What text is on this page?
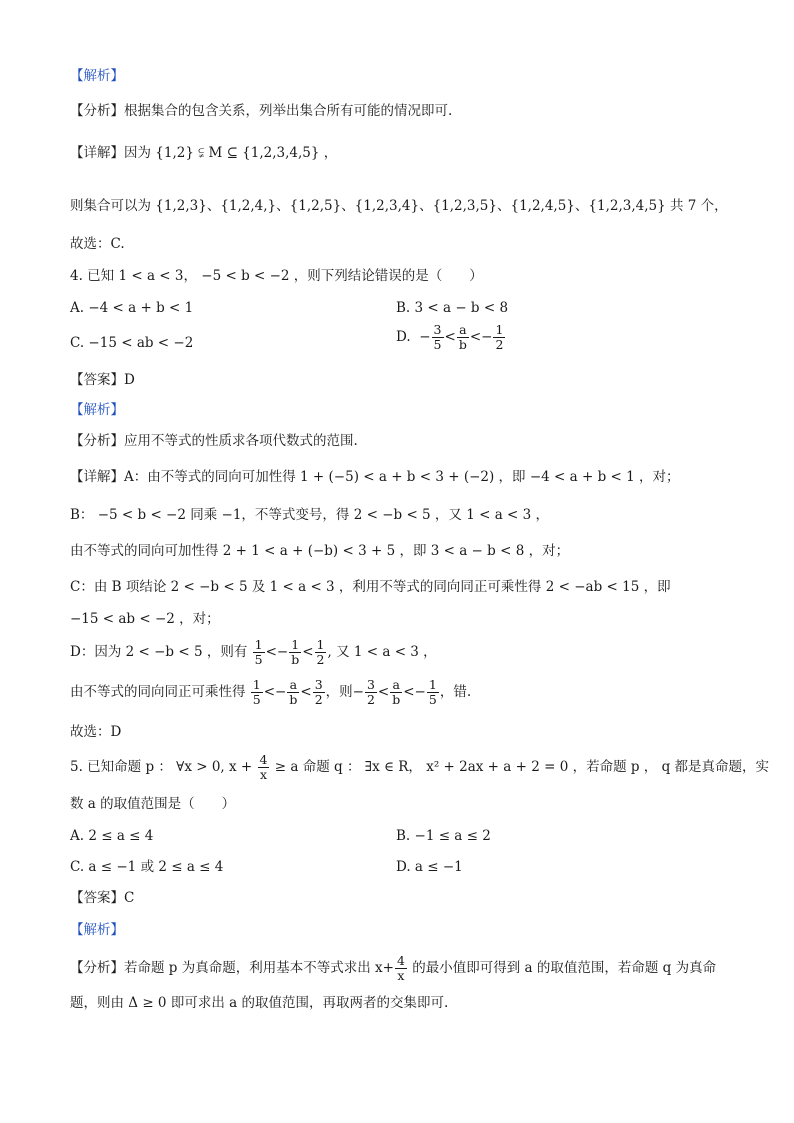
【解析】
【分析】根据集合的包含关系，列举出集合所有可能的情况即可.
【详解】因为 {1,2} ⫋ M ⊆ {1,2,3,4,5} ，
则集合可以为 {1,2,3}、{1,2,4,}、{1,2,5}、{1,2,3,4}、{1,2,3,5}、{1,2,4,5}、{1,2,3,4,5} 共 7 个，
故选：C.
4. 已知 1 < a < 3， −5 < b < −2 ，则下列结论错误的是（　　）
A. −4 < a + b < 1	B. 3 < a − b < 8
C. −15 < ab < −2	D.  − $\frac{3}{5} < \frac{a}{b} <- \frac{1}{2}$
【答案】D
【解析】
【分析】应用不等式的性质求各项代数式的范围.
【详解】A：由不等式的同向可加性得 1 + (−5) < a + b < 3 + (−2) ，即 −4 < a + b < 1 ，对；
B： −5 < b < −2 同乘 −1，不等式变号，得 2 < −b < 5 ，又 1 < a < 3 ，
由不等式的同向可加性得 2 + 1 < a + (−b) < 3 + 5 ，即 3 < a − b < 8 ，对；
C：由 B 项结论 2 < −b < 5 及 1 < a < 3 ，利用不等式的同向同正可乘性得 2 < −ab < 15 ，即
−15 < ab < −2 ，对；
D：因为 2 < −b < 5 ，则有 $\frac{1}{5} <- \frac{1}{b} < \frac{1}{2}$ , 又 1 < a < 3 ，
由不等式的同向同正可乘性得 $\frac{1}{5} <- \frac{a}{b} < \frac{3}{2}$ ，则− $\frac{3}{2} < \frac{a}{b} <- \frac{1}{5}$ ，错.
故选：D
5. 已知命题 p ： ∀x > 0, $x + \frac{4}{x} \ge a$ 命题 q ： ∃x ∈ R， x² + 2ax + a + 2 = 0 ，若命题 p ， q 都是真命题，实
数 a 的取值范围是（　　）
A. 2 ≤ a ≤ 4	B. −1 ≤ a ≤ 2
C. a ≤ −1 或 2 ≤ a ≤ 4	D. a ≤ −1
【答案】C
【解析】
【分析】若命题 p 为真命题，利用基本不等式求出 $x+ \frac{4}{x}$ 的最小值即可得到 a 的取值范围，若命题 q 为真命
题，则由 Δ ≥ 0 即可求出 a 的取值范围，再取两者的交集即可.
